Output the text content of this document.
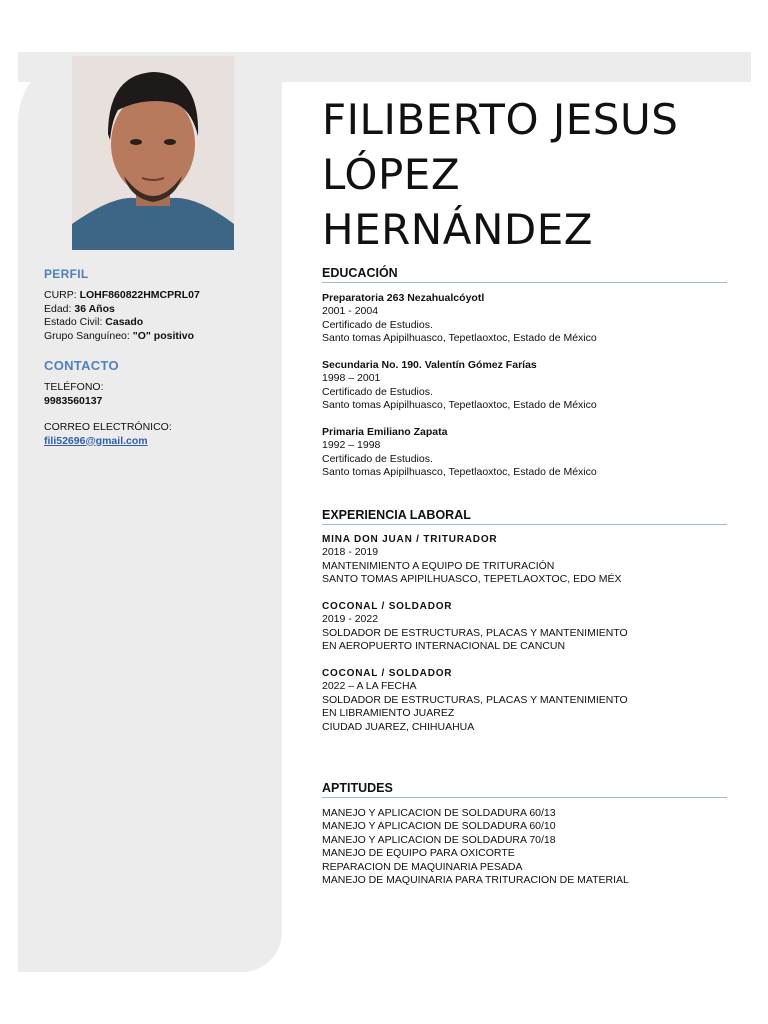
PERFIL
CURP: LOHF860822HMCPRL07
Edad: 36 Años
Estado Civil: Casado
Grupo Sanguíneo: "O" positivo
CONTACTO
TELÉFONO:
9983560137
CORREO ELECTRÓNICO:
fili52696@gmail.com
FILIBERTO JESUS
LÓPEZ
HERNÁNDEZ
EDUCACIÓN
Preparatoria 263 Nezahualcóyotl
2001 - 2004
Certificado de Estudios.
Santo tomas Apipilhuasco, Tepetlaoxtoc, Estado de México
Secundaria No. 190. Valentín Gómez Farías
1998 – 2001
Certificado de Estudios.
Santo tomas Apipilhuasco, Tepetlaoxtoc, Estado de México
Primaria Emiliano Zapata
1992 – 1998
Certificado de Estudios.
Santo tomas Apipilhuasco, Tepetlaoxtoc, Estado de México
EXPERIENCIA LABORAL
MINA DON JUAN / TRITURADOR
2018 - 2019
MANTENIMIENTO A EQUIPO DE TRITURACIÓN
SANTO TOMAS APIPILHUASCO, TEPETLAOXTOC, EDO MÉX
COCONAL / SOLDADOR
2019 - 2022
SOLDADOR DE ESTRUCTURAS, PLACAS Y MANTENIMIENTO
EN AEROPUERTO INTERNACIONAL DE CANCUN
COCONAL / SOLDADOR
2022 – A LA FECHA
SOLDADOR DE ESTRUCTURAS, PLACAS Y MANTENIMIENTO
EN LIBRAMIENTO JUAREZ
CIUDAD JUAREZ, CHIHUAHUA
APTITUDES
MANEJO Y APLICACION DE SOLDADURA 60/13
MANEJO Y APLICACION DE SOLDADURA 60/10
MANEJO Y APLICACION DE SOLDADURA 70/18
MANEJO DE EQUIPO PARA OXICORTE
REPARACION DE MAQUINARIA PESADA
MANEJO DE MAQUINARIA PARA TRITURACION DE MATERIAL
